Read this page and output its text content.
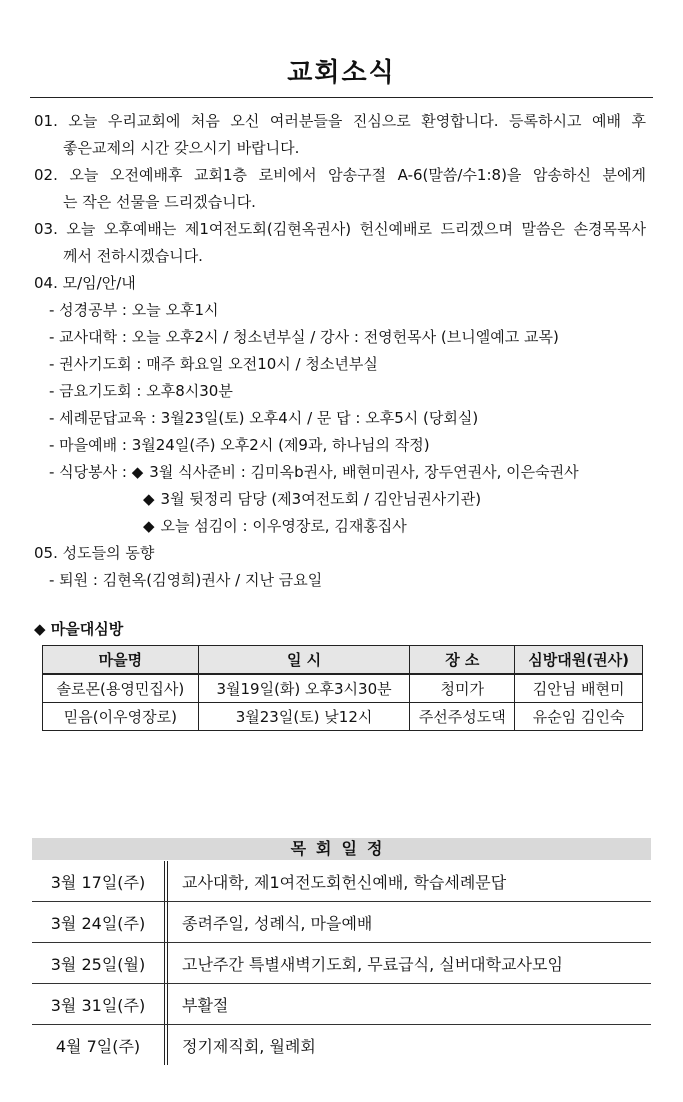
교회소식
01. 오늘 우리교회에 처음 오신 여러분들을 진심으로 환영합니다. 등록하시고 예배 후
좋은교제의 시간 갖으시기 바랍니다.
02. 오늘 오전예배후 교회1층 로비에서 암송구절 A-6(말씀/수1:8)을 암송하신 분에게
는 작은 선물을 드리겠습니다.
03. 오늘 오후예배는 제1여전도회(김현옥권사) 헌신예배로 드리겠으며 말씀은 손경목목사
께서 전하시겠습니다.
04. 모/임/안/내
- 성경공부 : 오늘 오후1시
- 교사대학 : 오늘 오후2시 / 청소년부실 / 강사 : 전영헌목사 (브니엘예고 교목)
- 권사기도회 : 매주 화요일 오전10시 / 청소년부실
- 금요기도회 : 오후8시30분
- 세례문답교육 : 3월23일(토) 오후4시 / 문 답 : 오후5시 (당회실)
- 마을예배 : 3월24일(주) 오후2시 (제9과, 하나님의 작정)
- 식당봉사 : ◆ 3월 식사준비 : 김미옥b권사, 배현미권사, 장두연권사, 이은숙권사
◆ 3월 뒷정리 담당 (제3여전도회 / 김안님권사기관)
◆ 오늘 섬김이 : 이우영장로, 김재홍집사
05. 성도들의 동향
- 퇴원 : 김현옥(김영희)권사 / 지난 금요일
◆ 마을대심방
마을명	일 시	장 소	심방대원(권사)
솔로몬(용영민집사)	3월19일(화) 오후3시30분	청미가	김안님 배현미
믿음(이우영장로)	3월23일(토) 낮12시	주선주성도댁	유순임 김인숙
목회일정
3월 17일(주)	교사대학, 제1여전도회헌신예배, 학습세례문답
3월 24일(주)	종려주일, 성례식, 마을예배
3월 25일(월)	고난주간 특별새벽기도회, 무료급식, 실버대학교사모임
3월 31일(주)	부활절
4월 7일(주)	정기제직회, 월례회
